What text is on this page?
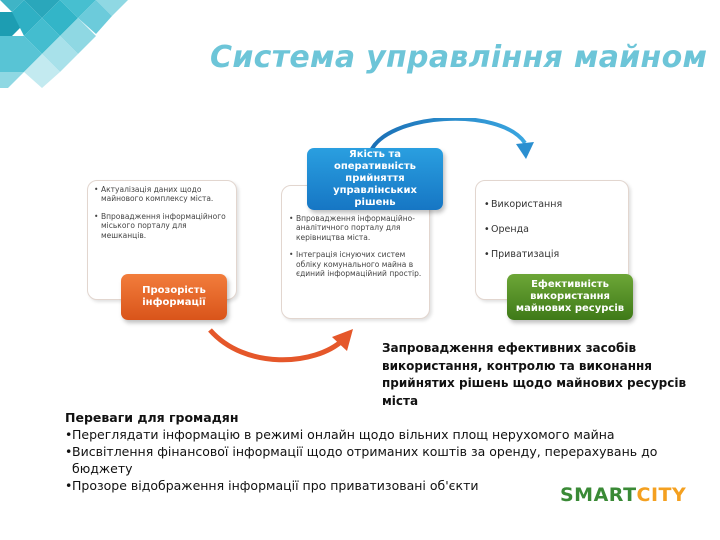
Система управління майном
• Актуалізація даних щодо майнового комплексу міста.
• Впровадження інформаційного міського порталу для мешканців.
• Впровадження інформаційно-аналітичного порталу для керівництва міста.
• Інтеграція існуючих систем обліку комунального майна в єдиний інформаційний простір.
• Використання
• Оренда
• Приватизація
Прозорість інформації
Якість та оперативність прийняття управлінських рішень
Ефективність використання майнових ресурсів
Запровадження ефективних засобів використання, контролю та виконання прийнятих рішень щодо майнових ресурсів міста
Переваги для громадян
• Переглядати інформацію в режимі онлайн щодо вільних площ нерухомого майна
• Висвітлення фінансової інформації щодо отриманих коштів за оренду, перерахувань до бюджету
• Прозоре відображення інформації про приватизовані об'єкти	SMARTCITY
